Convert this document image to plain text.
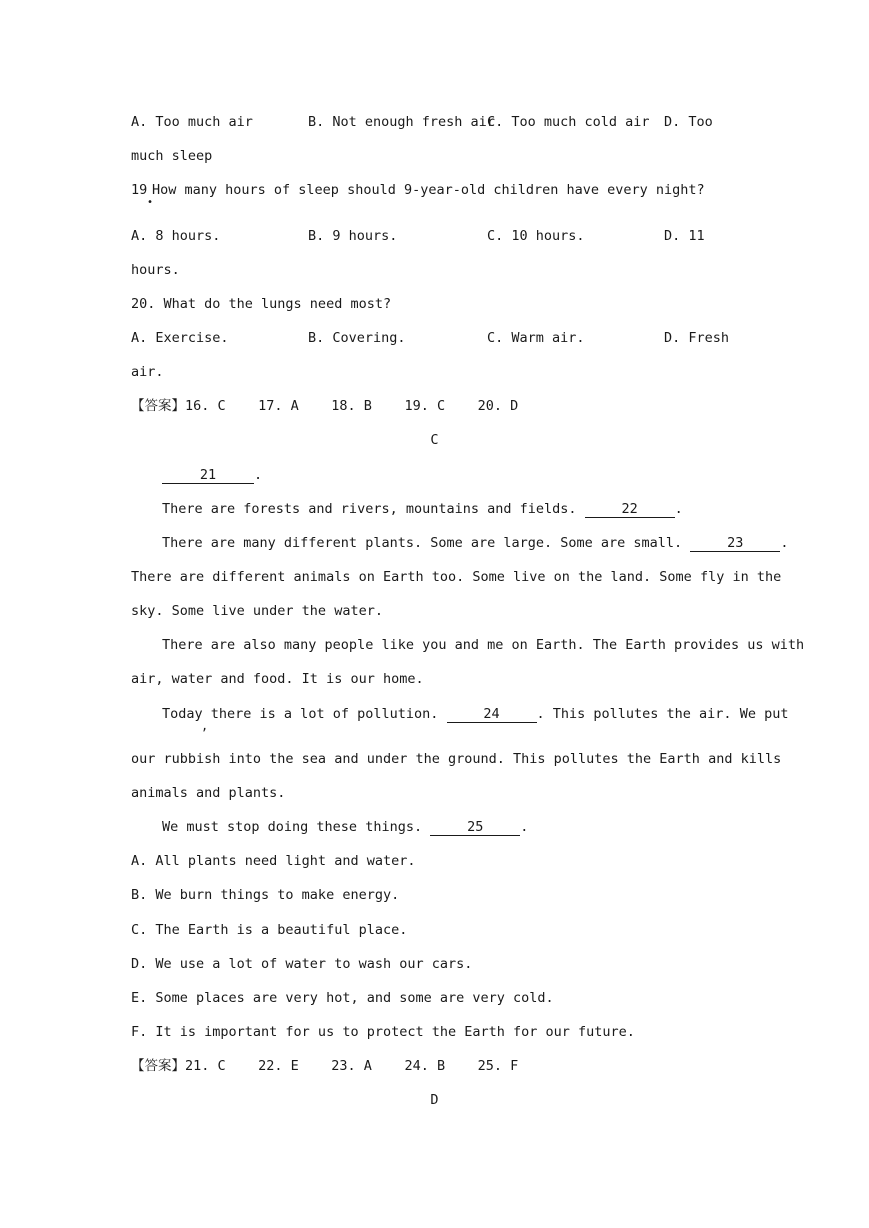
A. Too much air	B. Not enough fresh air
C. Too much cold air D. Too
much sleep
19
•
How many hours of sleep should 9-year-old children have every night?
A. 8 hours.	B. 9 hours.	C. 10 hours.	D. 11
hours.
20. What do the lungs need most?
A. Exercise.	B. Covering.	C. Warm air.	D. Fresh
air.
【答案】16. C    17. A    18. B    19. C    20. D
C
21	.
There are forests and rivers, mountains and fields.	22	.
There are many different plants. Some are large. Some are small.	23	.
There are different animals on Earth too. Some live on the land. Some fly in the
sky. Some live under the water.
There are also many people like you and me on Earth. The Earth provides us with
air, water and food. It is our home.
Today there is a lot of pollution.	24	. This pollutes the air. We put
,
our rubbish into the sea and under the ground. This pollutes the Earth and kills
animals and plants.
We must stop doing these things.	25	.
A. All plants need light and water.
B. We burn things to make energy.
C. The Earth is a beautiful place.
D. We use a lot of water to wash our cars.
E. Some places are very hot, and some are very cold.
F. It is important for us to protect the Earth for our future.
【答案】21. C    22. E    23. A    24. B    25. F
D
